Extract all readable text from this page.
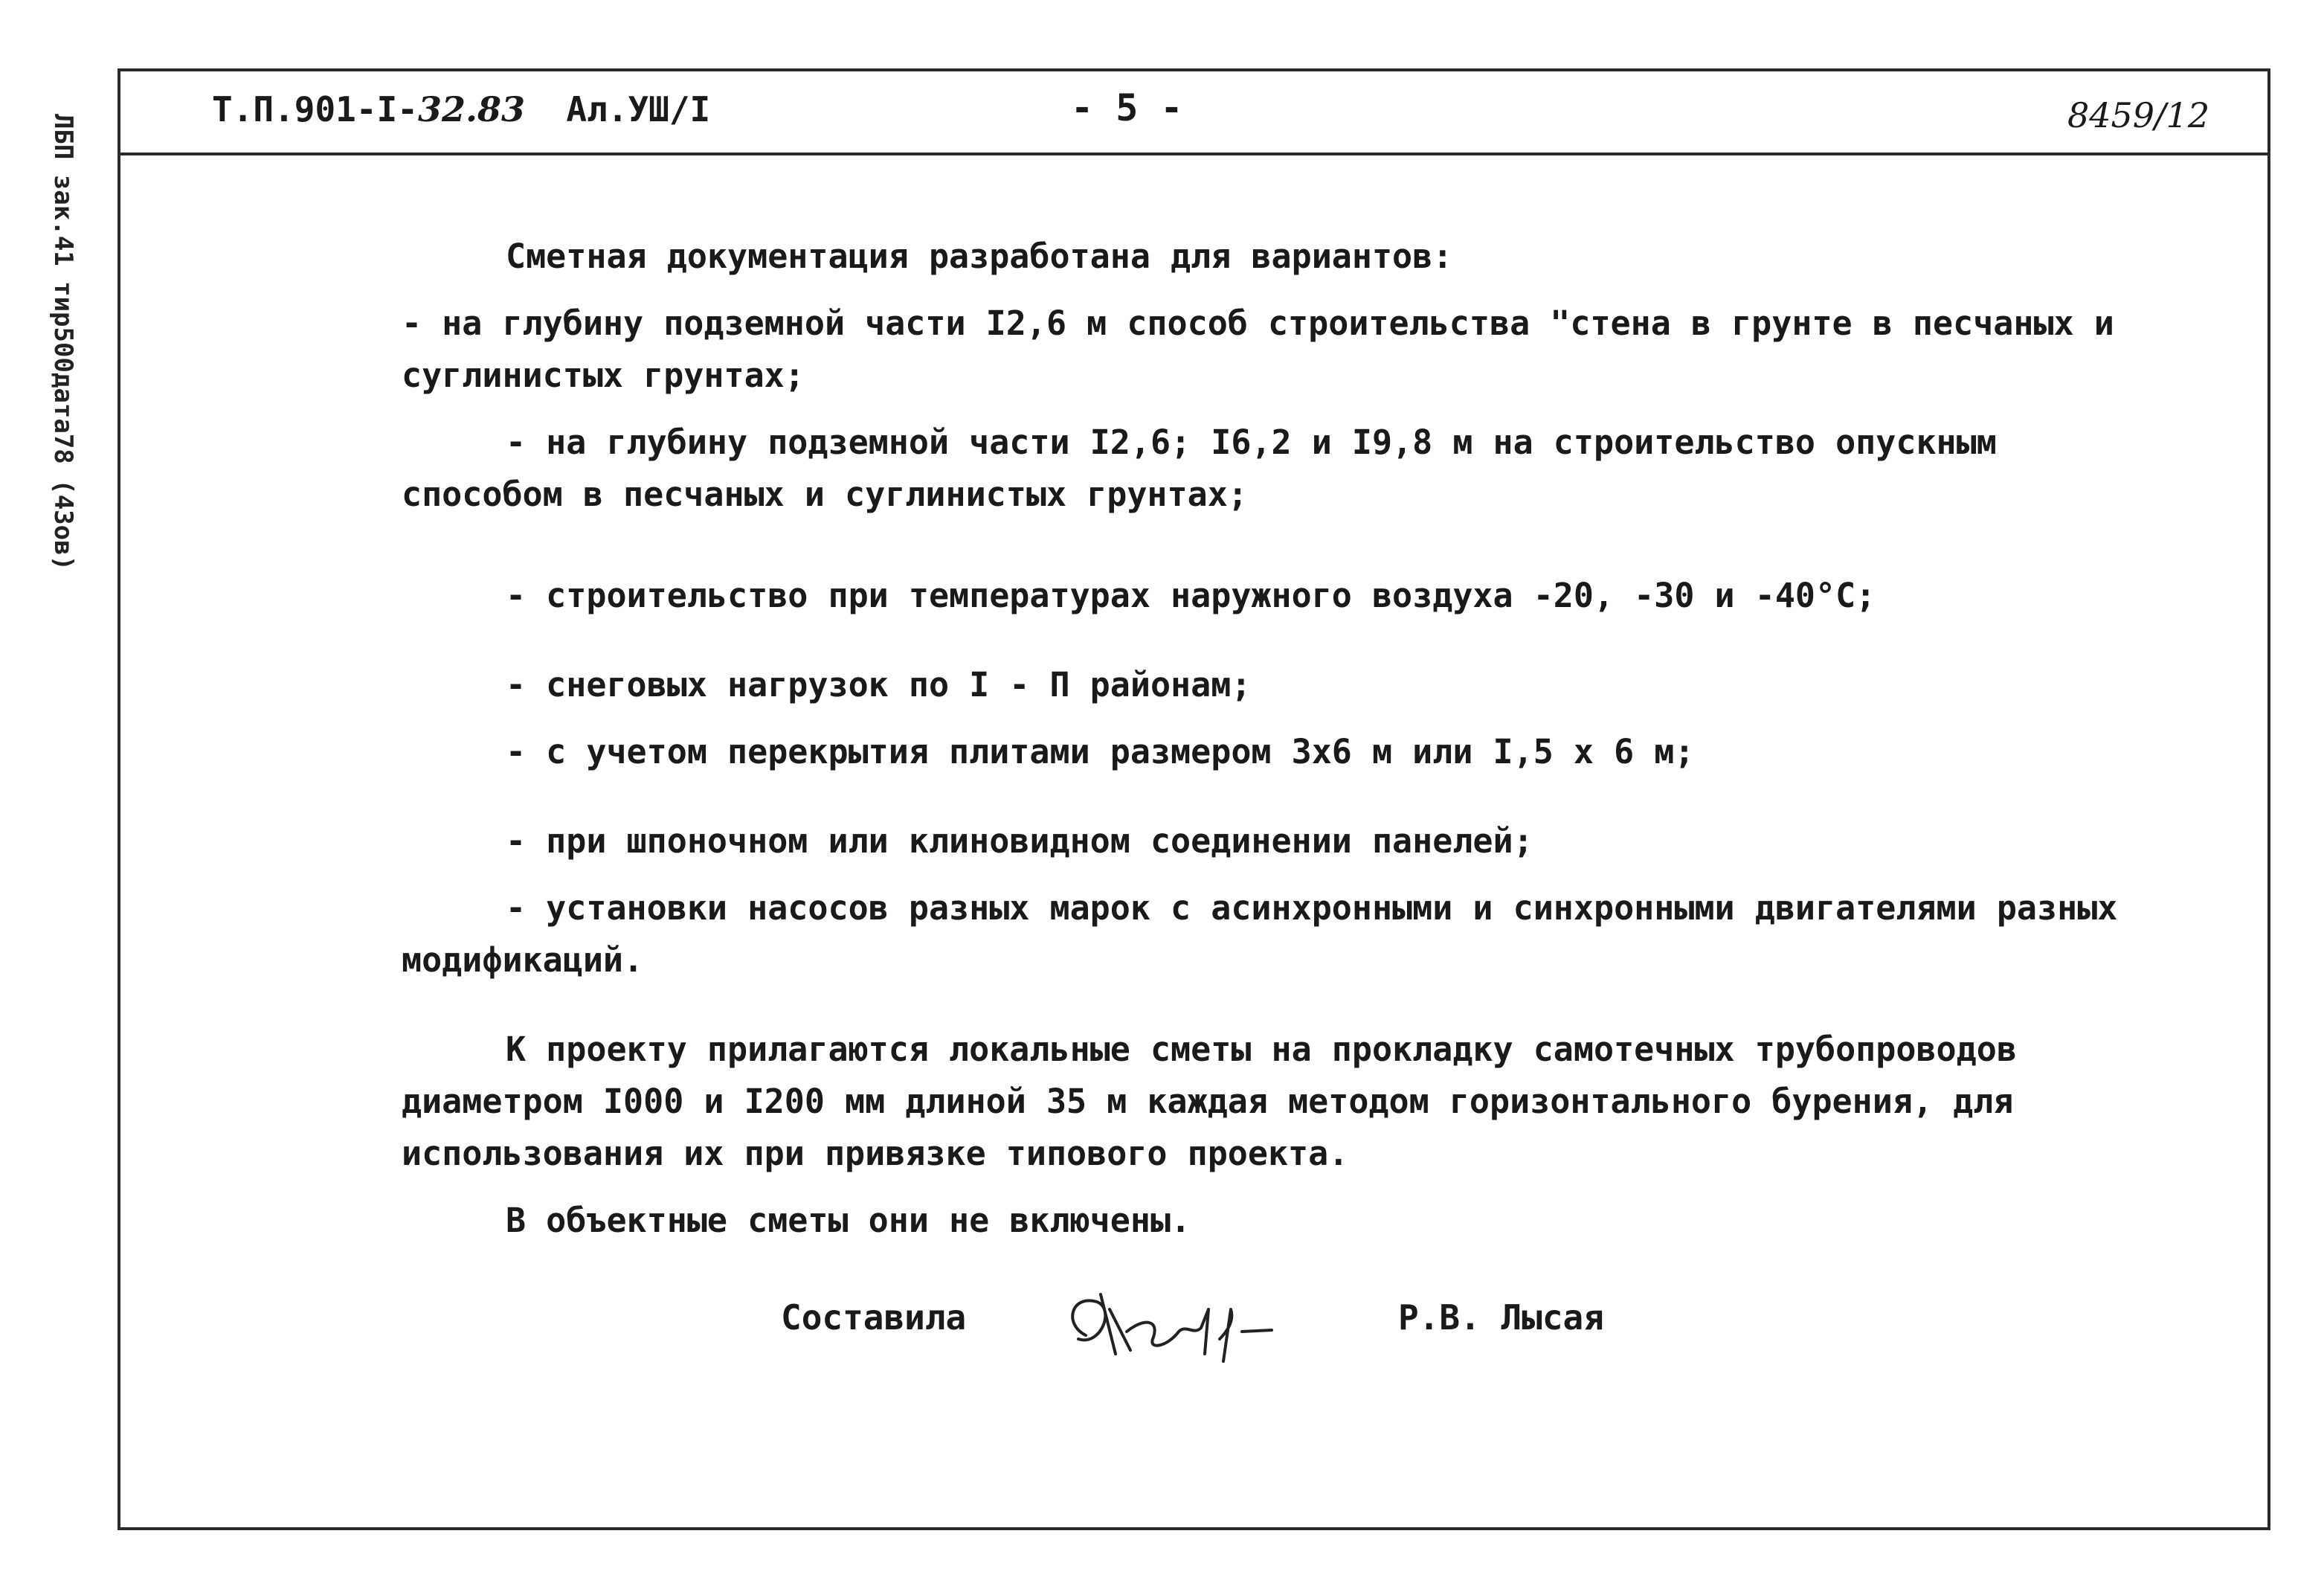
ЛБП зак.41 тир500дата78 (43ов)
Т.П.901-I-32.83 Ал.УШ/I	- 5 -	8459/12

Сметная документация разработана для вариантов:

- на глубину подземной части I2,6 м способ строительства "стена в грунте в песчаных и суглинистых грунтах;

- на глубину подземной части I2,6; I6,2 и I9,8 м на строительство опускным способом в песчаных и суглинистых грунтах;

- строительство при температурах наружного воздуха -20, -30 и -40°С;

- снеговых нагрузок по I - П районам;

- с учетом перекрытия плитами размером 3х6 м или I,5 х 6 м;

- при шпоночном или клиновидном соединении панелей;

- установки насосов разных марок с асинхронными и синхронными двигателями разных модификаций.

К проекту прилагаются локальные сметы на прокладку самотечных трубопроводов диаметром I000 и I200 мм длиной 35 м каждая методом горизонтального бурения, для использования их при привязке типового проекта.

В объектные сметы они не включены.

Составила	Р.В. Лысая
